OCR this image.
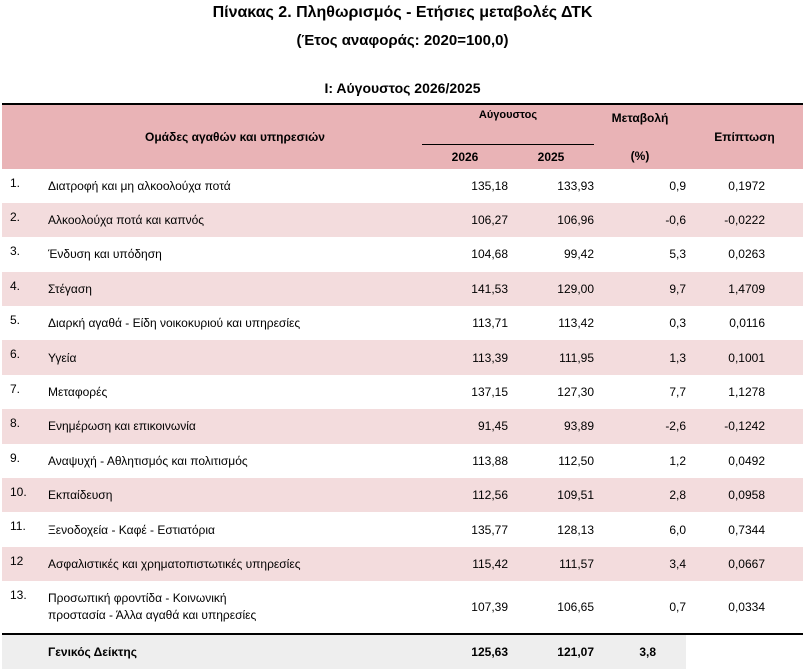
Πίνακας 2. Πληθωρισμός - Ετήσιες μεταβολές ΔΤΚ
(Έτος αναφοράς: 2020=100,0)
Ι: Αύγουστος 2026/2025
	Ομάδες αγαθών και υπηρεσιών	Αύγουστος		Μεταβολή	Επίπτωση
		2026	2025	(%)	
1.	Διατροφή και μη αλκοολούχα ποτά	135,18	133,93	0,9	0,1972
2.	Αλκοολούχα ποτά και καπνός	106,27	106,96	-0,6	-0,0222
3.	Ένδυση και υπόδηση	104,68	99,42	5,3	0,0263
4.	Στέγαση	141,53	129,00	9,7	1,4709
5.	Διαρκή αγαθά - Είδη νοικοκυριού και υπηρεσίες	113,71	113,42	0,3	0,0116
6.	Υγεία	113,39	111,95	1,3	0,1001
7.	Μεταφορές	137,15	127,30	7,7	1,1278
8.	Ενημέρωση και επικοινωνία	91,45	93,89	-2,6	-0,1242
9.	Αναψυχή - Αθλητισμός και πολιτισμός	113,88	112,50	1,2	0,0492
10.	Εκπαίδευση	112,56	109,51	2,8	0,0958
11.	Ξενοδοχεία - Καφέ - Εστιατόρια	135,77	128,13	6,0	0,7344
12	Ασφαλιστικές και χρηματοπιστωτικές υπηρεσίες	115,42	111,57	3,4	0,0667
13.	Προσωπική φροντίδα - Κοινωνική
προστασία - Άλλα αγαθά και υπηρεσίες	107,39	106,65	0,7	0,0334
	Γενικός Δείκτης	125,63	121,07	3,8	
